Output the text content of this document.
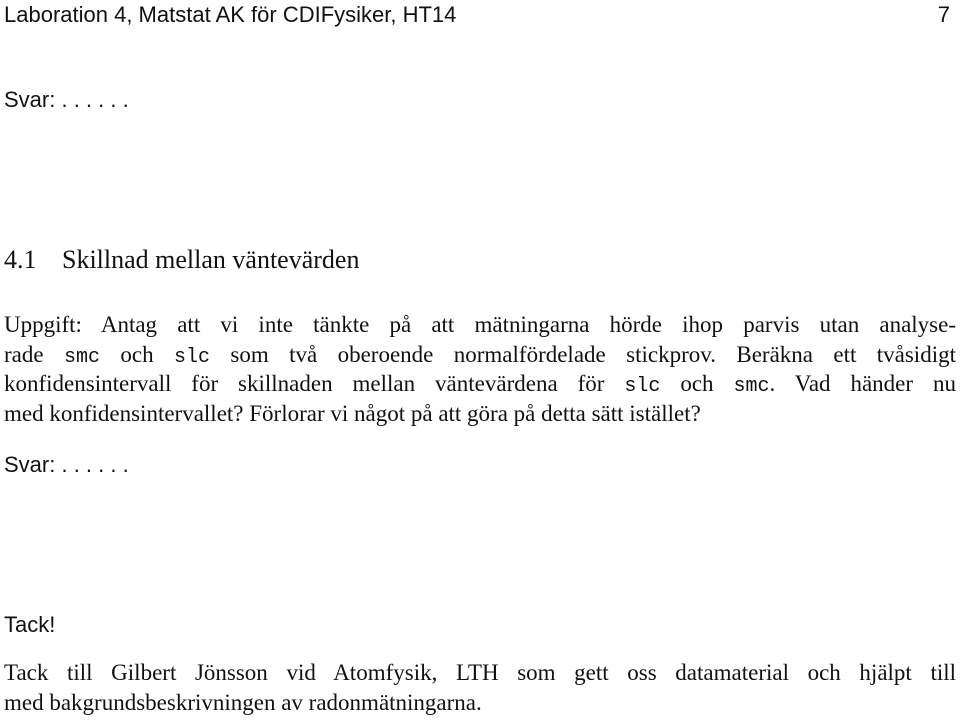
Laboration 4, Matstat AK för CDIFysiker, HT14	7
Svar: . . . . . .
4.1 Skillnad mellan väntevärden
Uppgift: Antag att vi inte tänkte på att mätningarna hörde ihop parvis utan analyse-
rade smc och slc som två oberoende normalfördelade stickprov. Beräkna ett tvåsidigt
konfidensintervall för skillnaden mellan väntevärdena för slc och smc. Vad händer nu
med konfidensintervallet? Förlorar vi något på att göra på detta sätt istället?
Svar: . . . . . .
Tack!
Tack till Gilbert Jönsson vid Atomfysik, LTH som gett oss datamaterial och hjälpt till
med bakgrundsbeskrivningen av radonmätningarna.
